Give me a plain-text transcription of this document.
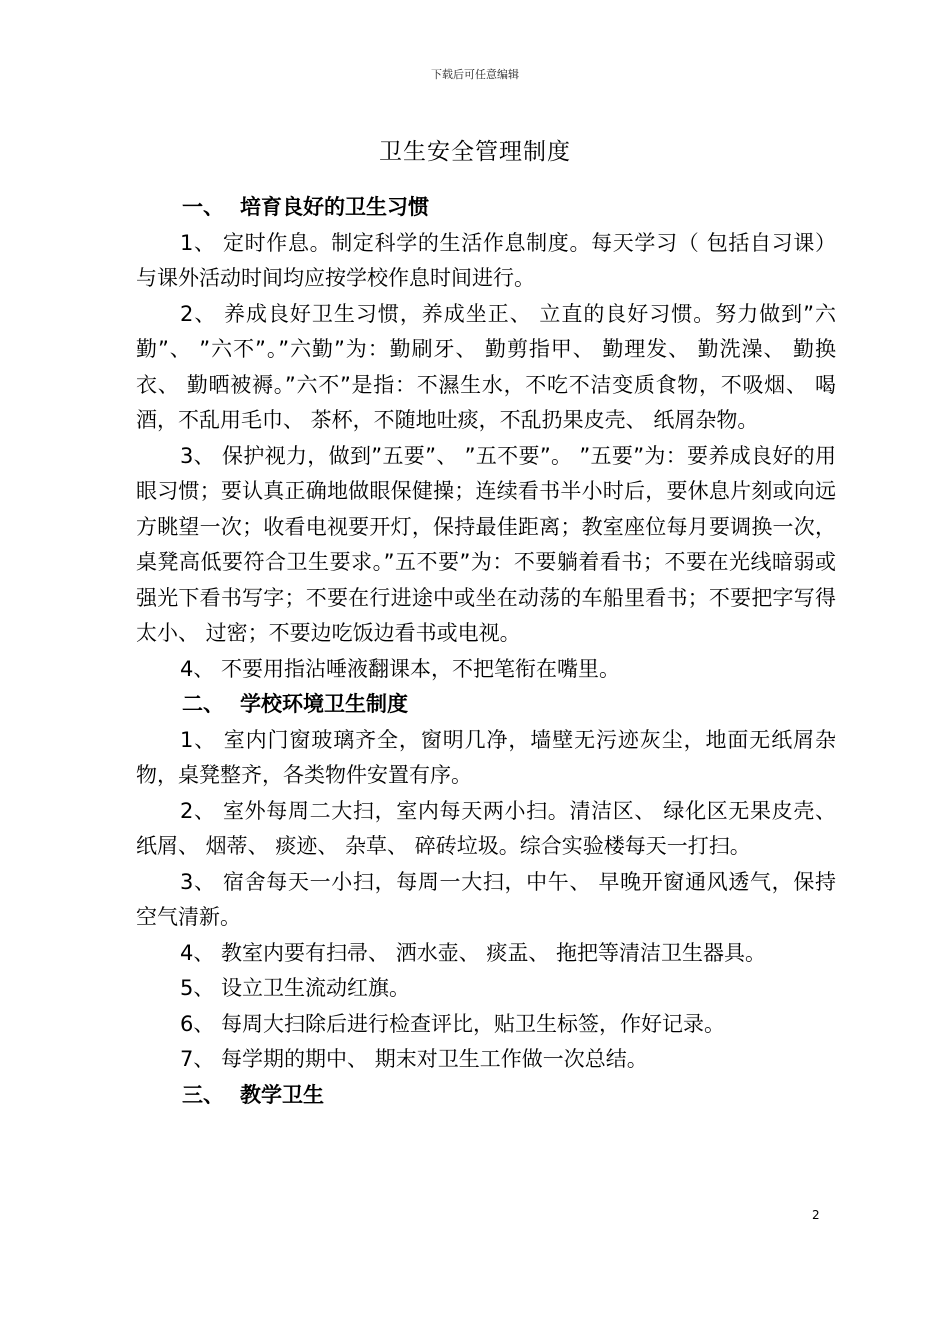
下载后可任意编辑
卫生安全管理制度

一、 培育良好的卫生习惯

1、 定时作息。制定科学的生活作息制度。每天学习（ 包括自习课）与课外活动时间均应按学校作息时间进行。

2、 养成良好卫生习惯，养成坐正、 立直的良好习惯。努力做到”六勤”、 ”六不”。”六勤”为：勤刷牙、 勤剪指甲、 勤理发、 勤洗澡、 勤换衣、 勤晒被褥。”六不”是指：不濕生水，不吃不洁变质食物，不吸烟、 喝酒，不乱用毛巾、 茶杯，不随地吐痰，不乱扔果皮壳、 纸屑杂物。

3、 保护视力，做到”五要”、 ”五不要”。 ”五要”为：要养成良好的用眼习惯；要认真正确地做眼保健操；连续看书半小时后，要休息片刻或向远方眺望一次；收看电视要开灯，保持最佳距离；教室座位每月要调换一次，桌凳高低要符合卫生要求。”五不要”为：不要躺着看书；不要在光线暗弱或强光下看书写字；不要在行进途中或坐在动荡的车船里看书；不要把字写得太小、 过密；不要边吃饭边看书或电视。

4、 不要用指沾唾液翻课本，不把笔衔在嘴里。

二、 学校环境卫生制度

1、 室内门窗玻璃齐全，窗明几净，墙壁无污迹灰尘，地面无纸屑杂物，桌凳整齐，各类物件安置有序。

2、 室外每周二大扫，室内每天两小扫。清洁区、 绿化区无果皮壳、 纸屑、 烟蒂、 痰迹、 杂草、 碎砖垃圾。综合实验楼每天一打扫。

3、 宿舍每天一小扫，每周一大扫，中午、 早晚开窗通风透气，保持空气清新。

4、 教室内要有扫帚、 洒水壶、 痰盂、 拖把等清洁卫生器具。

5、 设立卫生流动红旗。

6、 每周大扫除后进行检查评比，贴卫生标签，作好记录。

7、 每学期的期中、 期末对卫生工作做一次总结。

三、 教学卫生

2
